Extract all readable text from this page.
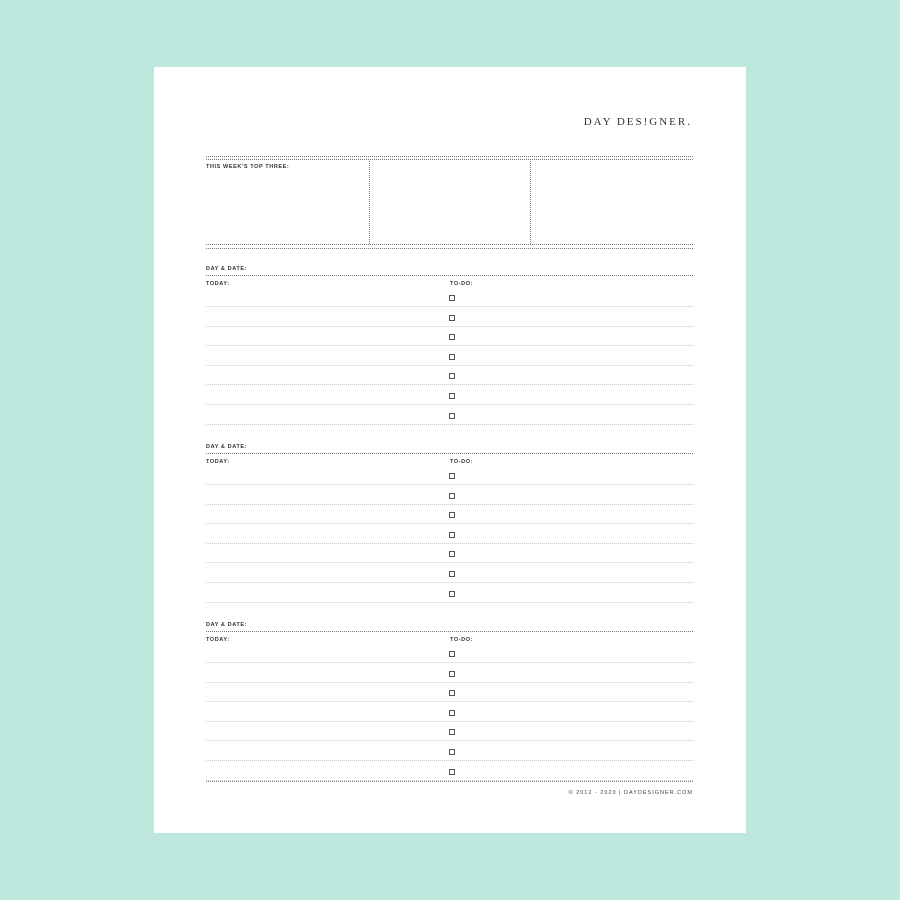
DAY DES!GNER.
THIS WEEK'S TOP THREE:
DAY & DATE:
TODAY:	TO-DO:
DAY & DATE:
TODAY:	TO-DO:
DAY & DATE:
TODAY:	TO-DO:
© 2012 - 2020 | DAYDESIGNER.COM
